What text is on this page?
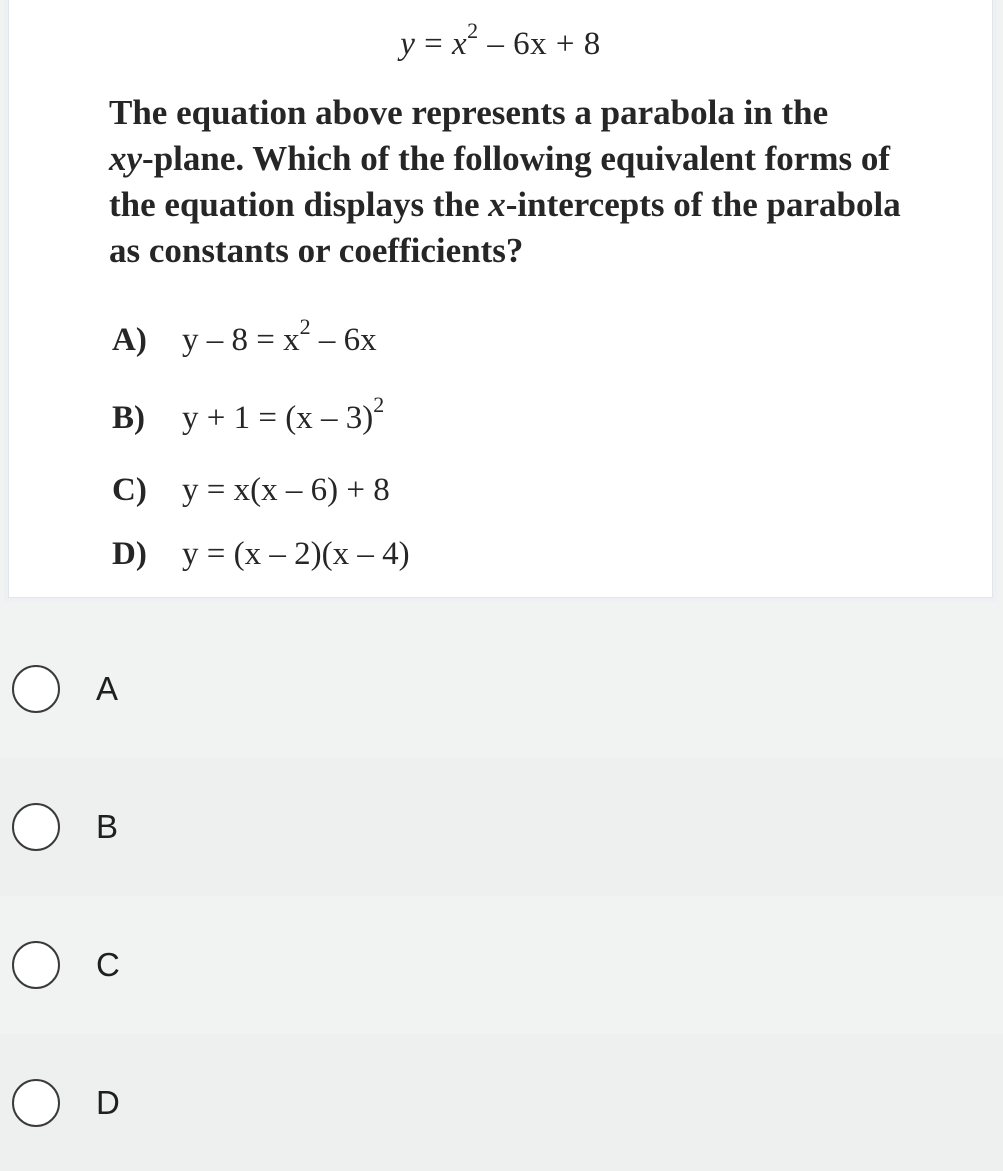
$y = x^2 - 6x + 8$
The equation above represents a parabola in the
xy-plane. Which of the following equivalent forms of
the equation displays the x-intercepts of the parabola
as constants or coefficients?
A) $y - 8 = x^2 - 6x$
B) y + 1 = (x – 3)$^2$
C) y = x(x – 6) + 8
D) y = (x – 2)(x – 4)
A
B
C
D
